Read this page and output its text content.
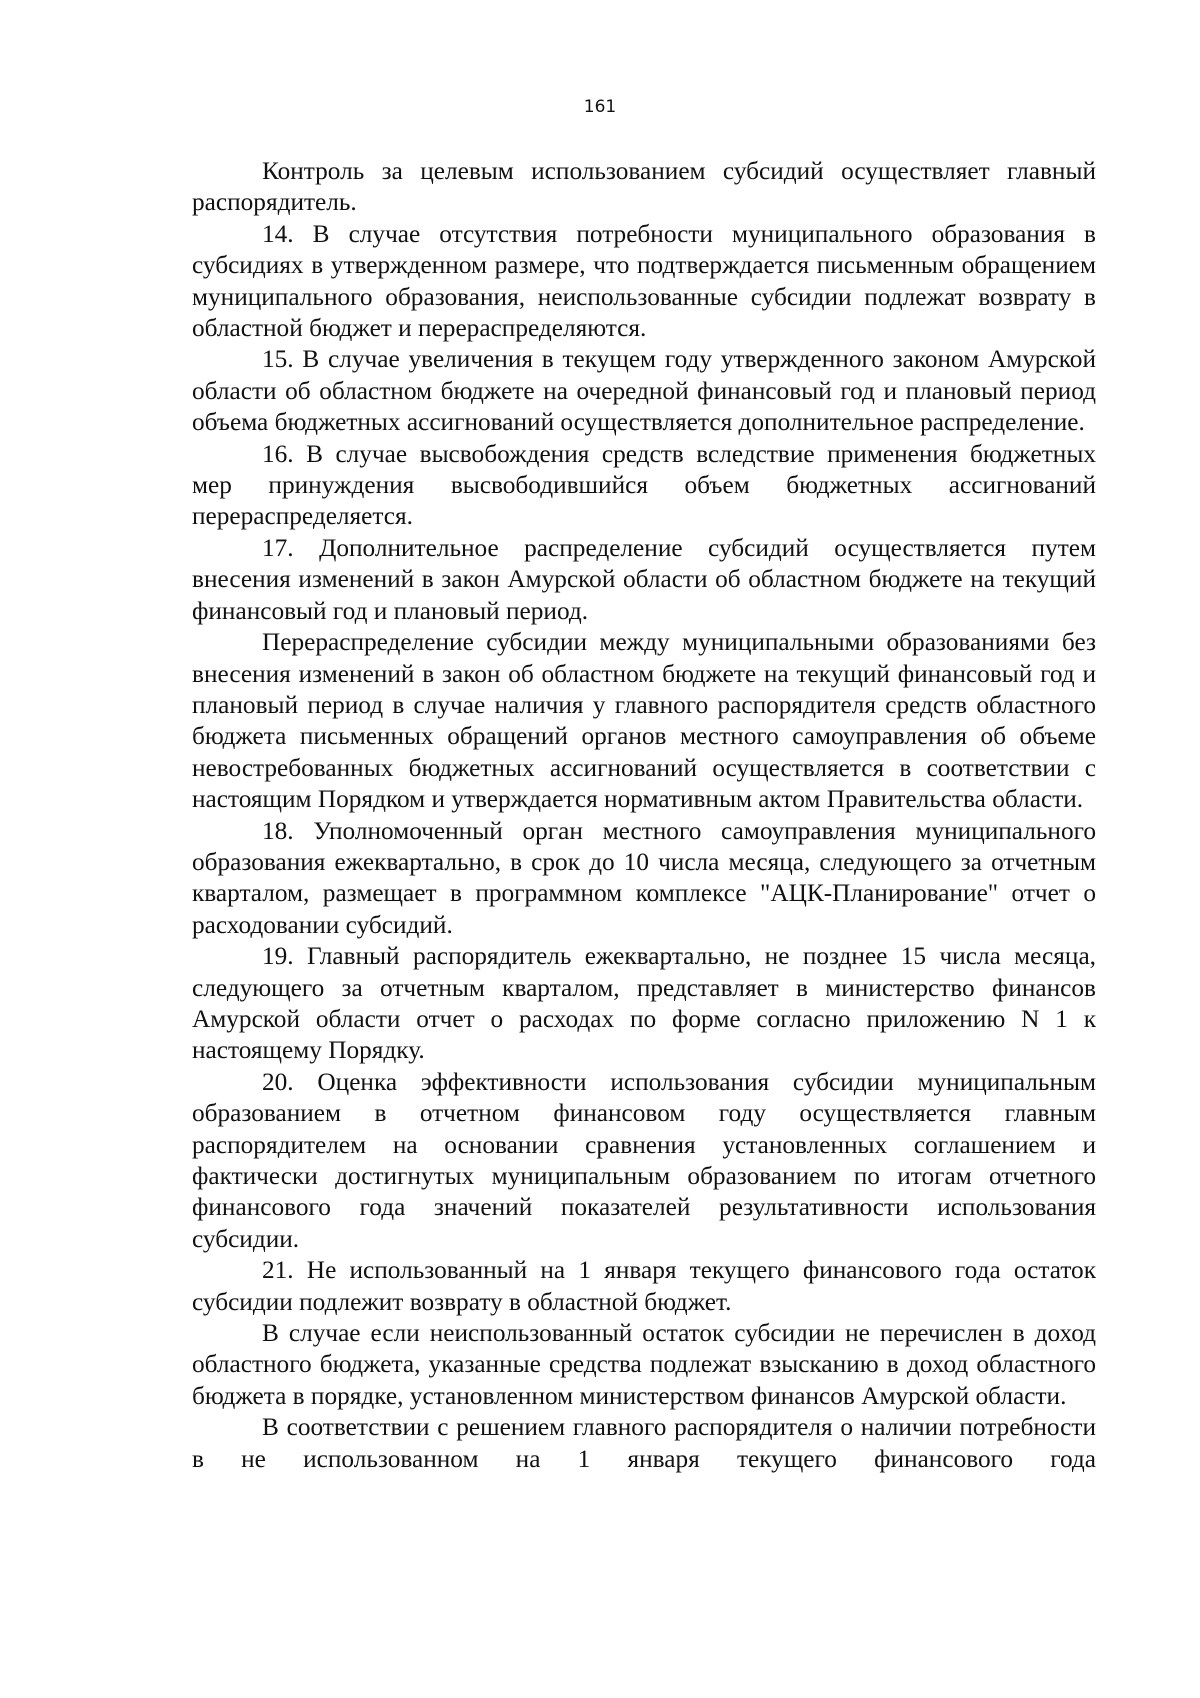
161

Контроль за целевым использованием субсидий осуществляет главный распорядитель.

14. В случае отсутствия потребности муниципального образования в субсидиях в утвержденном размере, что подтверждается письменным обращением муниципального образования, неиспользованные субсидии подлежат возврату в областной бюджет и перераспределяются.

15. В случае увеличения в текущем году утвержденного законом Амурской области об областном бюджете на очередной финансовый год и плановый период объема бюджетных ассигнований осуществляется дополнительное распределение.

16. В случае высвобождения средств вследствие применения бюджетных мер принуждения высвободившийся объем бюджетных ассигнований перераспределяется.

17. Дополнительное распределение субсидий осуществляется путем внесения изменений в закон Амурской области об областном бюджете на текущий финансовый год и плановый период.

Перераспределение субсидии между муниципальными образованиями без внесения изменений в закон об областном бюджете на текущий финансовый год и плановый период в случае наличия у главного распорядителя средств областного бюджета письменных обращений органов местного самоуправления об объеме невостребованных бюджетных ассигнований осуществляется в соответствии с настоящим Порядком и утверждается нормативным актом Правительства области.

18. Уполномоченный орган местного самоуправления муниципального образования ежеквартально, в срок до 10 числа месяца, следующего за отчетным кварталом, размещает в программном комплексе "АЦК-Планирование" отчет о расходовании субсидий.

19. Главный распорядитель ежеквартально, не позднее 15 числа месяца, следующего за отчетным кварталом, представляет в министерство финансов Амурской области отчет о расходах по форме согласно приложению N 1 к настоящему Порядку.

20. Оценка эффективности использования субсидии муниципальным образованием в отчетном финансовом году осуществляется главным распорядителем на основании сравнения установленных соглашением и фактически достигнутых муниципальным образованием по итогам отчетного финансового года значений показателей результативности использования субсидии.

21. Не использованный на 1 января текущего финансового года остаток субсидии подлежит возврату в областной бюджет.

В случае если неиспользованный остаток субсидии не перечислен в доход областного бюджета, указанные средства подлежат взысканию в доход областного бюджета в порядке, установленном министерством финансов Амурской области.

В соответствии с решением главного распорядителя о наличии потребности в не использованном на 1 января текущего финансового года
